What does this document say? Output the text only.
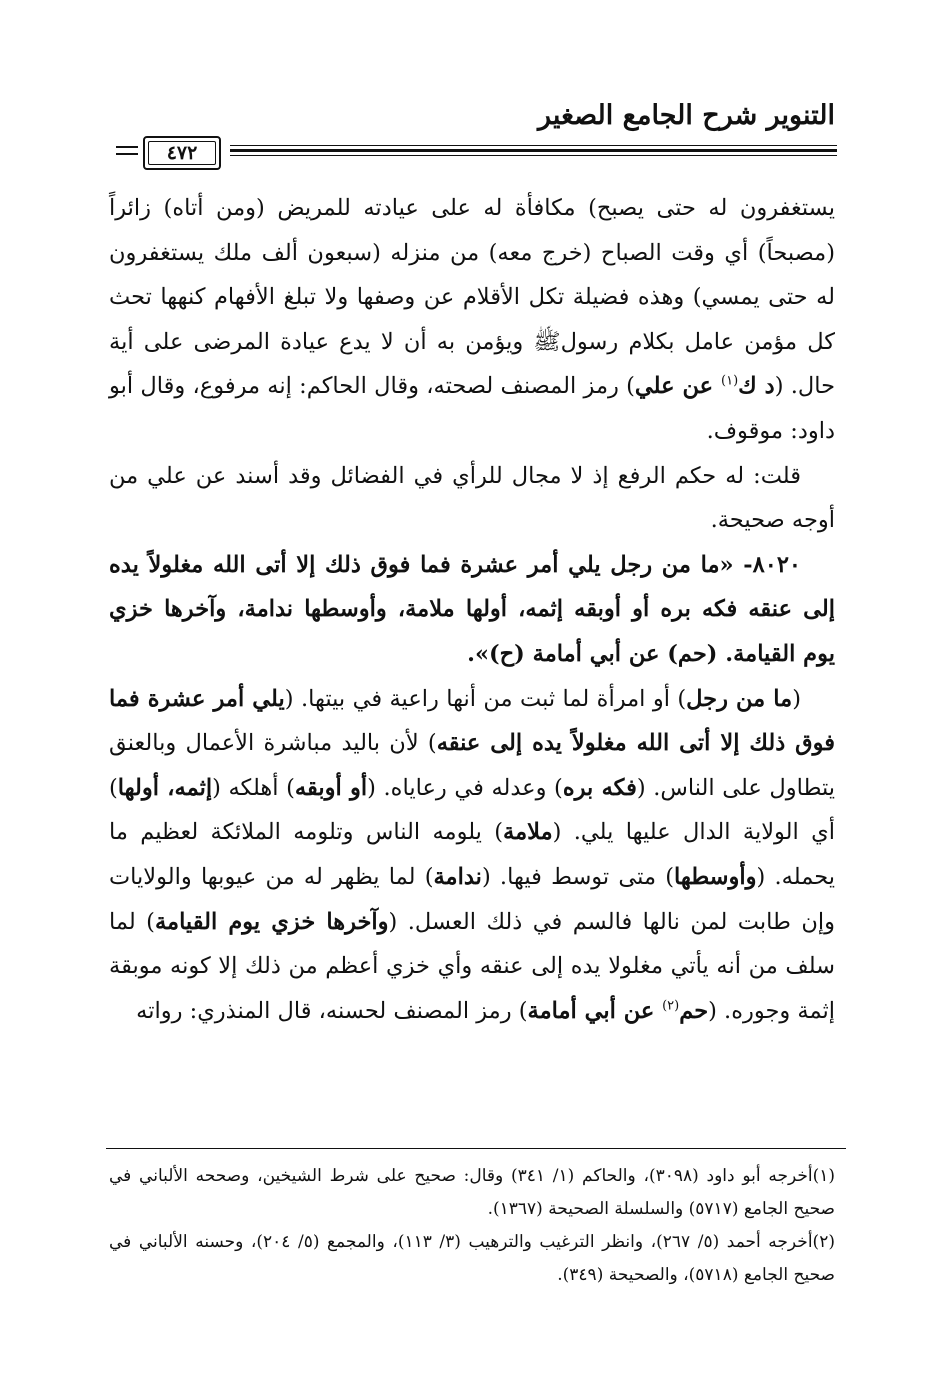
التنوير شرح الجامع الصغير
٤٧٢

يستغفرون له حتى يصبح) مكافأة له على عيادته للمريض (ومن أتاه) زائراً (مصبحاً) أي وقت الصباح (خرج معه) من منزله (سبعون ألف ملك يستغفرون له حتى يمسي) وهذه فضيلة تكل الأقلام عن وصفها ولا تبلغ الأفهام كنهها تحث كل مؤمن عامل بكلام رسولﷺ ويؤمن به أن لا يدع عيادة المرضى على أية حال. (د ك$^{(١)}$ عن علي) رمز المصنف لصحته، وقال الحاكم: إنه مرفوع، وقال أبو داود: موقوف.

قلت: له حكم الرفع إذ لا مجال للرأي في الفضائل وقد أسند عن علي من أوجه صحيحة.

٨٠٢٠- «ما من رجل يلي أمر عشرة فما فوق ذلك إلا أتى الله مغلولاً يده إلى عنقه فكه بره أو أوبقه إثمه، أولها ملامة، وأوسطها ندامة، وآخرها خزي يوم القيامة. (حم) عن أبي أمامة (ح)».

(ما من رجل) أو امرأة لما ثبت من أنها راعية في بيتها. (يلي أمر عشرة فما فوق ذلك إلا أتى الله مغلولاً يده إلى عنقه) لأن باليد مباشرة الأعمال وبالعنق يتطاول على الناس. (فكه بره) وعدله في رعاياه. (أو أوبقه) أهلكه (إثمه، أولها) أي الولاية الدال عليها يلي. (ملامة) يلومه الناس وتلومه الملائكة لعظيم ما يحمله. (وأوسطها) متى توسط فيها. (ندامة) لما يظهر له من عيوبها والولايات وإن طابت لمن نالها فالسم في ذلك العسل. (وآخرها خزي يوم القيامة) لما سلف من أنه يأتي مغلولا يده إلى عنقه وأي خزي أعظم من ذلك إلا كونه موبقة إثمة وجوره. (حم$^{(٢)}$ عن أبي أمامة) رمز المصنف لحسنه، قال المنذري: رواته

(١)أخرجه أبو داود (٣٠٩٨)، والحاكم (١/ ٣٤١) وقال: صحيح على شرط الشيخين، وصححه الألباني في صحيح الجامع (٥٧١٧) والسلسلة الصحيحة (١٣٦٧).

(٢)أخرجه أحمد (٥/ ٢٦٧)، وانظر الترغيب والترهيب (٣/ ١١٣)، والمجمع (٥/ ٢٠٤)، وحسنه الألباني في صحيح الجامع (٥٧١٨)، والصحيحة (٣٤٩).
